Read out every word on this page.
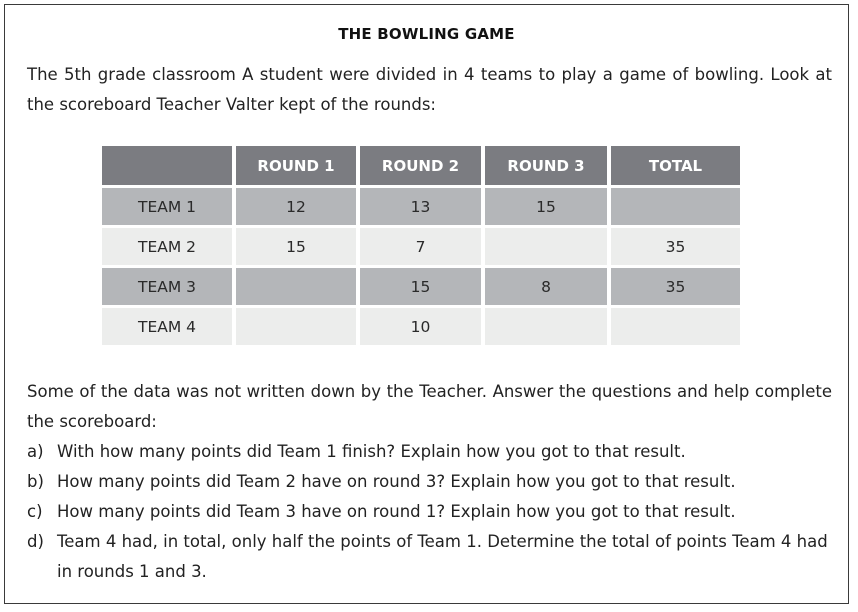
THE BOWLING GAME
The 5th grade classroom A student were divided in 4 teams to play a game of bowling. Look at the scoreboard Teacher Valter kept of the rounds:
	ROUND 1	ROUND 2	ROUND 3	TOTAL
TEAM 1	12	13	15	
TEAM 2	15	7		35
TEAM 3		15	8	35
TEAM 4		10		
Some of the data was not written down by the Teacher. Answer the questions and help complete the scoreboard:
a) With how many points did Team 1 finish? Explain how you got to that result.
b) How many points did Team 2 have on round 3? Explain how you got to that result.
c) How many points did Team 3 have on round 1? Explain how you got to that result.
d) Team 4 had, in total, only half the points of Team 1. Determine the total of points Team 4 had in rounds 1 and 3.
